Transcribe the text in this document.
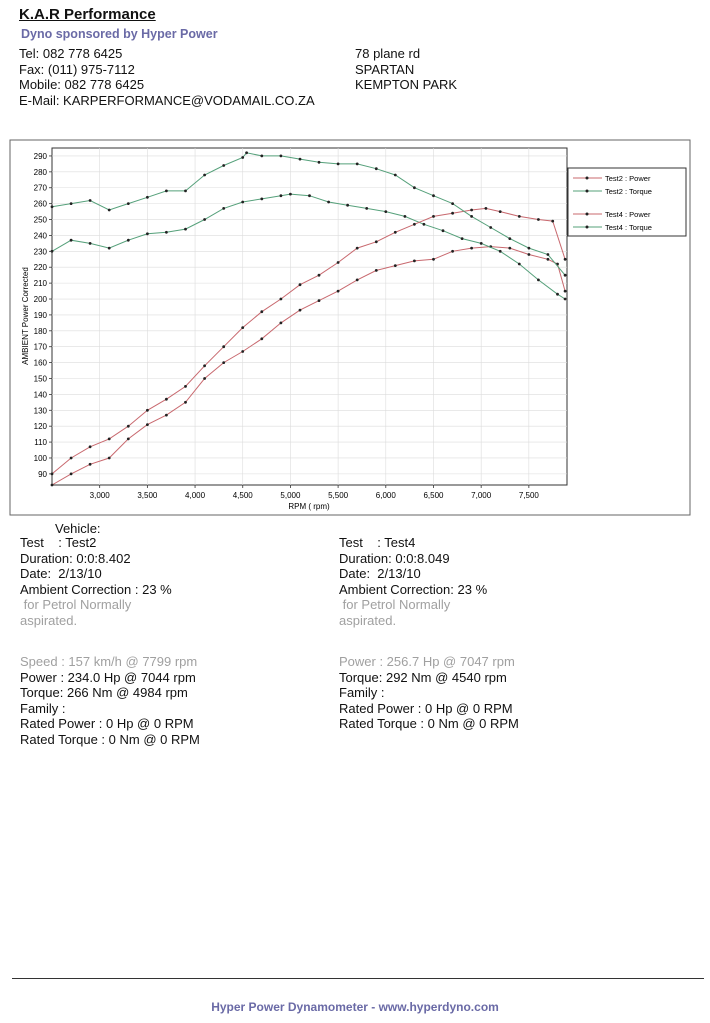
K.A.R Performance
Dyno sponsored by Hyper Power
Tel: 082 778 6425
Fax: (011) 975-7112
Mobile: 082 778 6425
E-Mail: KARPERFORMANCE@VODAMAIL.CO.ZA
78 plane rd
SPARTAN
KEMPTON PARK
90
100
110
120
130
140
150
160
170
180
190
200
210
220
230
240
250
260
270
280
290
3,000	3,500	4,000	4,500	5,000	5,500	6,000	6,500	7,000	7,500
RPM ( rpm)
AMBIENT Power Corrected
Test2 : Power
Test2 : Torque
Test4 : Power
Test4 : Torque
Vehicle:
Test    : Test2
Duration: 0:0:8.402
Date:  2/13/10
Ambient Correction : 23 %
for Petrol Normally
aspirated.
Test    : Test4
Duration: 0:0:8.049
Date:  2/13/10
Ambient Correction: 23 %
for Petrol Normally
aspirated.
Speed : 157 km/h @ 7799 rpm
Power : 234.0 Hp @ 7044 rpm
Torque: 266 Nm @ 4984 rpm
Family :
Rated Power : 0 Hp @ 0 RPM
Rated Torque : 0 Nm @ 0 RPM
Power : 256.7 Hp @ 7047 rpm
Torque: 292 Nm @ 4540 rpm
Family :
Rated Power : 0 Hp @ 0 RPM
Rated Torque : 0 Nm @ 0 RPM
Hyper Power Dynamometer - www.hyperdyno.com
